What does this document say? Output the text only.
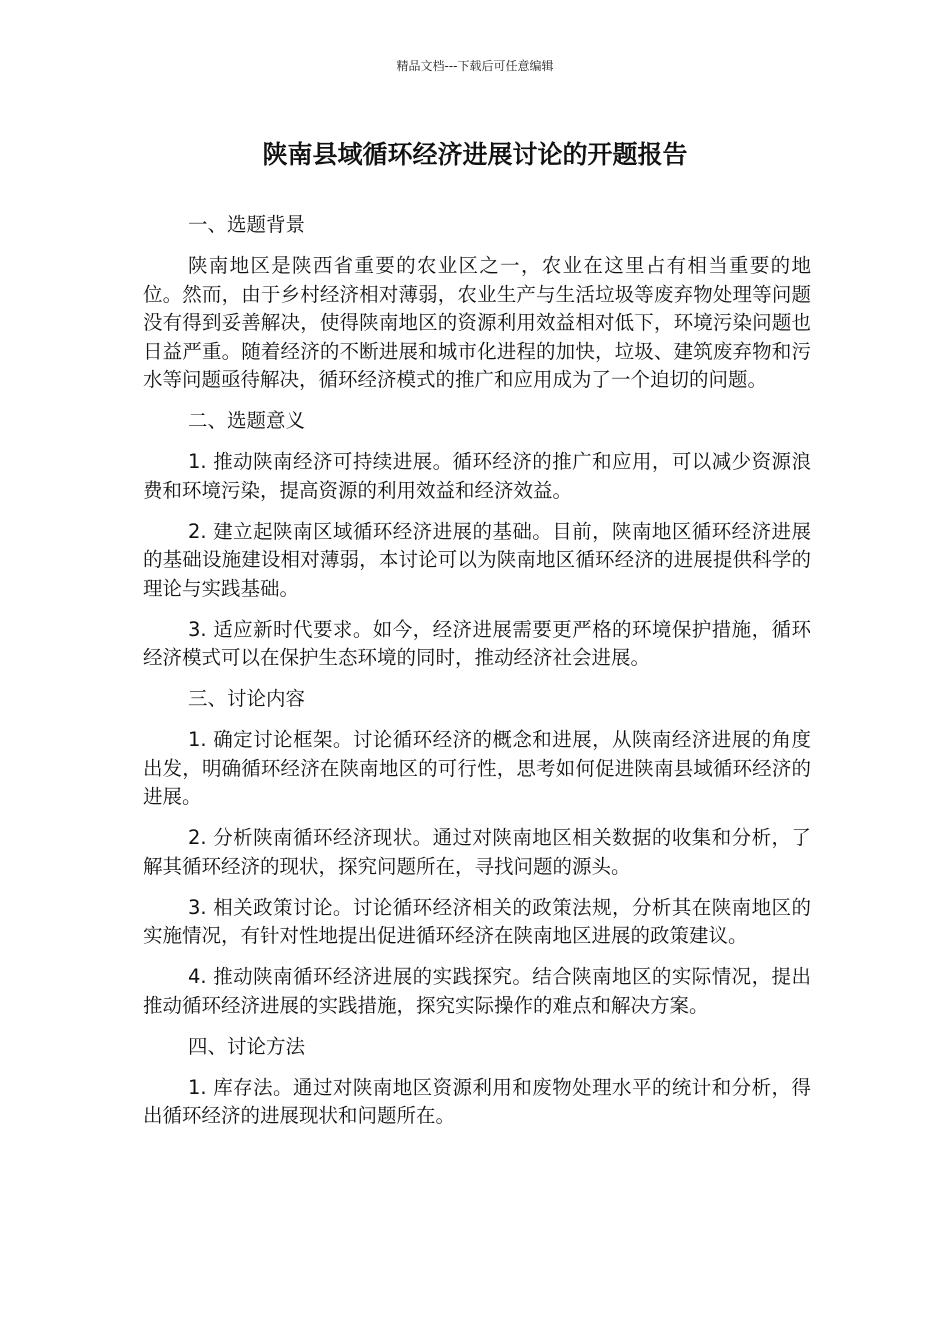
精品文档---下载后可任意编辑
陕南县域循环经济进展讨论的开题报告

一、选题背景

陕南地区是陕西省重要的农业区之一，农业在这里占有相当重要的地位。然而，由于乡村经济相对薄弱，农业生产与生活垃圾等废弃物处理等问题没有得到妥善解决，使得陕南地区的资源利用效益相对低下，环境污染问题也日益严重。随着经济的不断进展和城市化进程的加快，垃圾、建筑废弃物和污水等问题亟待解决，循环经济模式的推广和应用成为了一个迫切的问题。

二、选题意义

1. 推动陕南经济可持续进展。循环经济的推广和应用，可以减少资源浪费和环境污染，提高资源的利用效益和经济效益。

2. 建立起陕南区域循环经济进展的基础。目前，陕南地区循环经济进展的基础设施建设相对薄弱，本讨论可以为陕南地区循环经济的进展提供科学的理论与实践基础。

3. 适应新时代要求。如今，经济进展需要更严格的环境保护措施，循环经济模式可以在保护生态环境的同时，推动经济社会进展。

三、讨论内容

1. 确定讨论框架。讨论循环经济的概念和进展，从陕南经济进展的角度出发，明确循环经济在陕南地区的可行性，思考如何促进陕南县域循环经济的进展。

2. 分析陕南循环经济现状。通过对陕南地区相关数据的收集和分析，了解其循环经济的现状，探究问题所在，寻找问题的源头。

3. 相关政策讨论。讨论循环经济相关的政策法规，分析其在陕南地区的实施情况，有针对性地提出促进循环经济在陕南地区进展的政策建议。

4. 推动陕南循环经济进展的实践探究。结合陕南地区的实际情况，提出推动循环经济进展的实践措施，探究实际操作的难点和解决方案。

四、讨论方法

1. 库存法。通过对陕南地区资源利用和废物处理水平的统计和分析，得出循环经济的进展现状和问题所在。
